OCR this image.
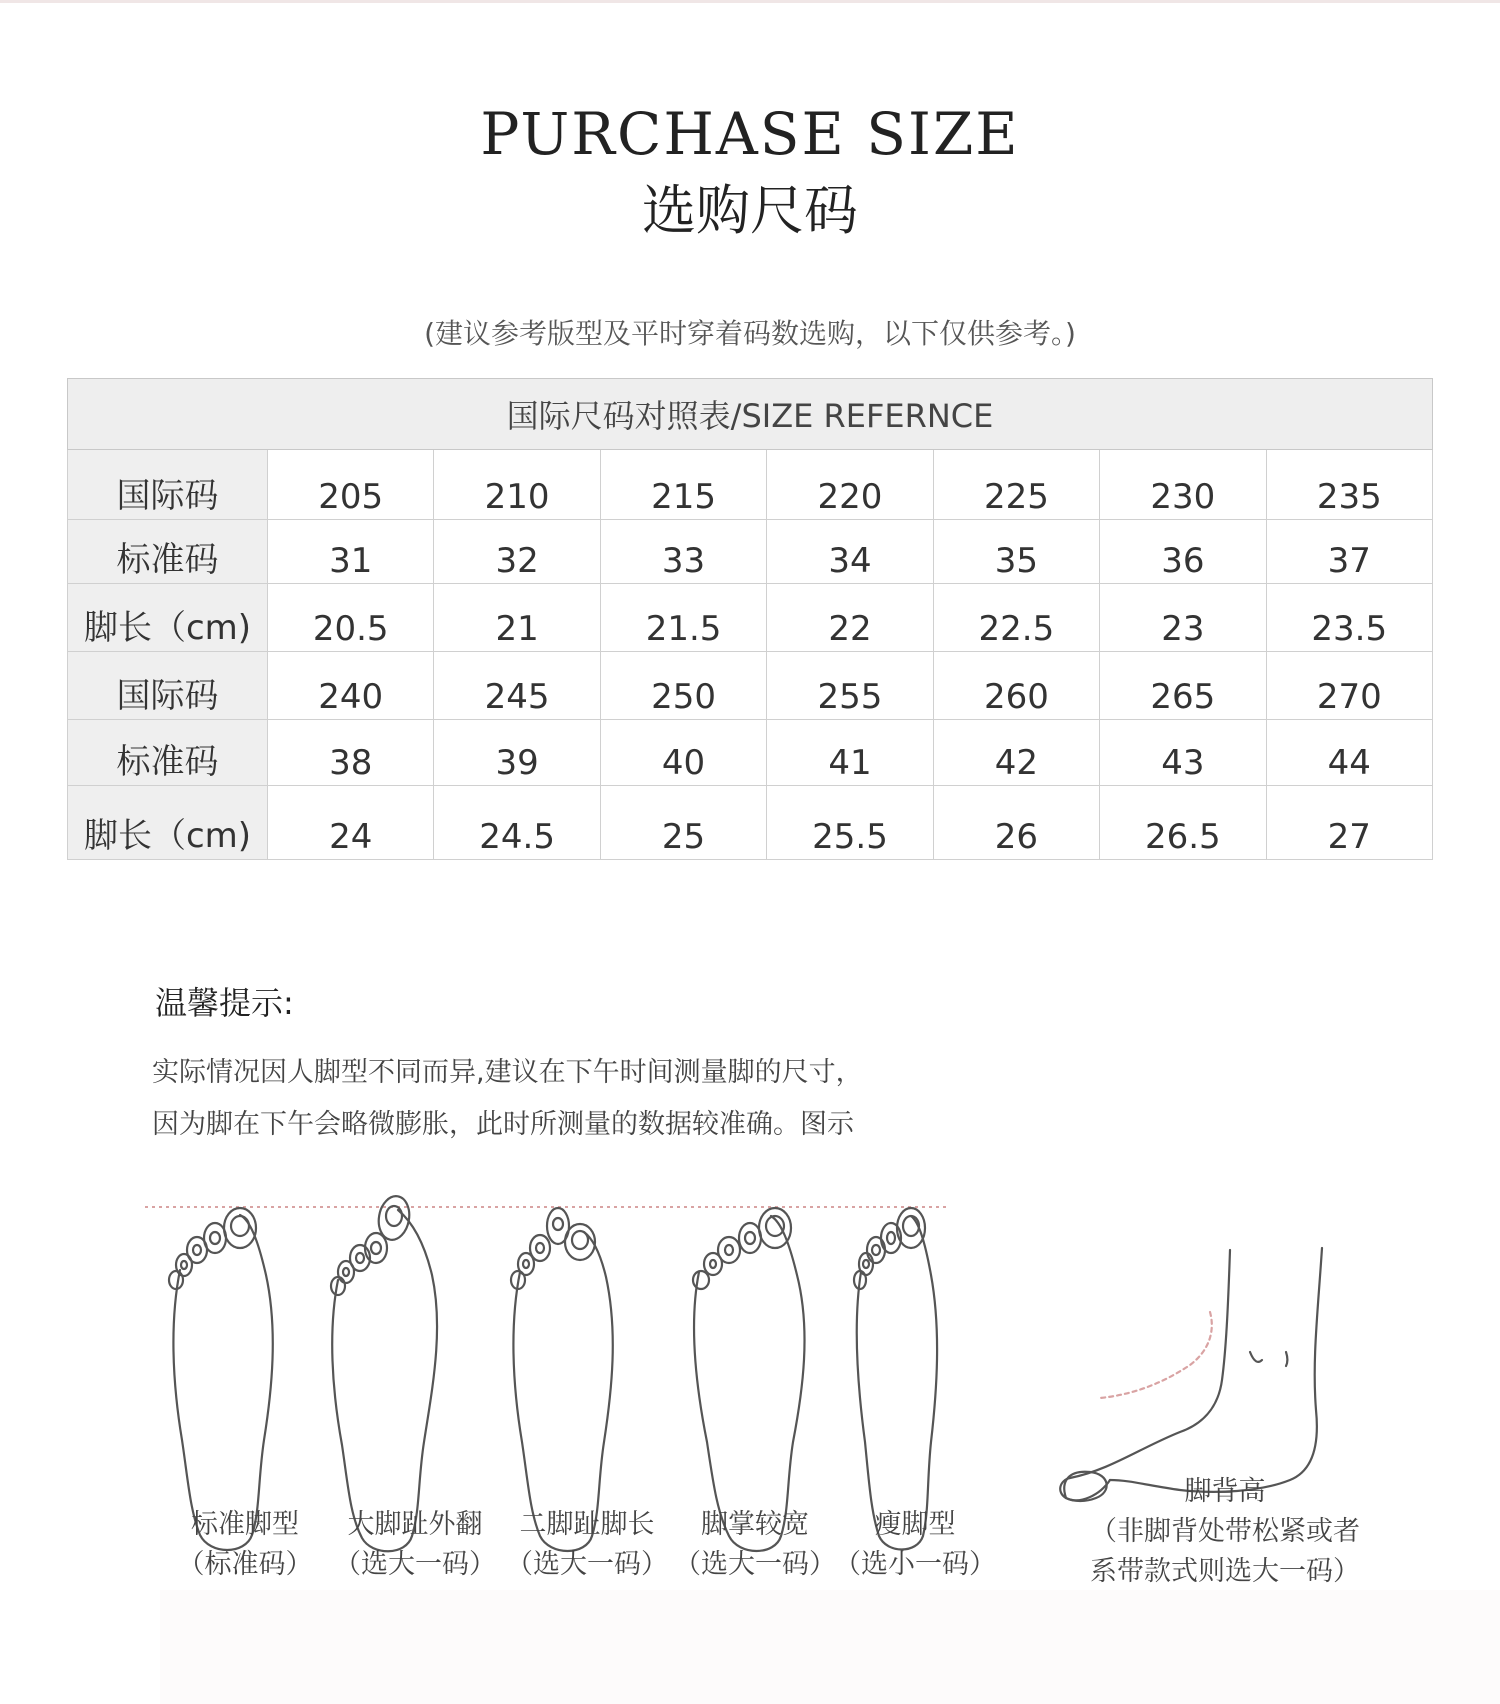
PURCHASE SIZE
选购尺码
(建议参考版型及平时穿着码数选购，以下仅供参考。)
国际尺码对照表/SIZE REFERNCE							
国际码	205	210	215	220	225	230	235
标准码	31	32	33	34	35	36	37
脚长（cm)	20.5	21	21.5	22	22.5	23	23.5
国际码	240	245	250	255	260	265	270
标准码	38	39	40	41	42	43	44
脚长（cm)	24	24.5	25	25.5	26	26.5	27
温馨提示:
实际情况因人脚型不同而异,建议在下午时间测量脚的尺寸，
因为脚在下午会略微膨胀，此时所测量的数据较准确。图示
标准脚型
（标准码）
大脚趾外翻
（选大一码）
二脚趾脚长
（选大一码）
脚掌较宽
（选大一码）
瘦脚型
（选小一码）
脚背高
（非脚背处带松紧或者
系带款式则选大一码）
